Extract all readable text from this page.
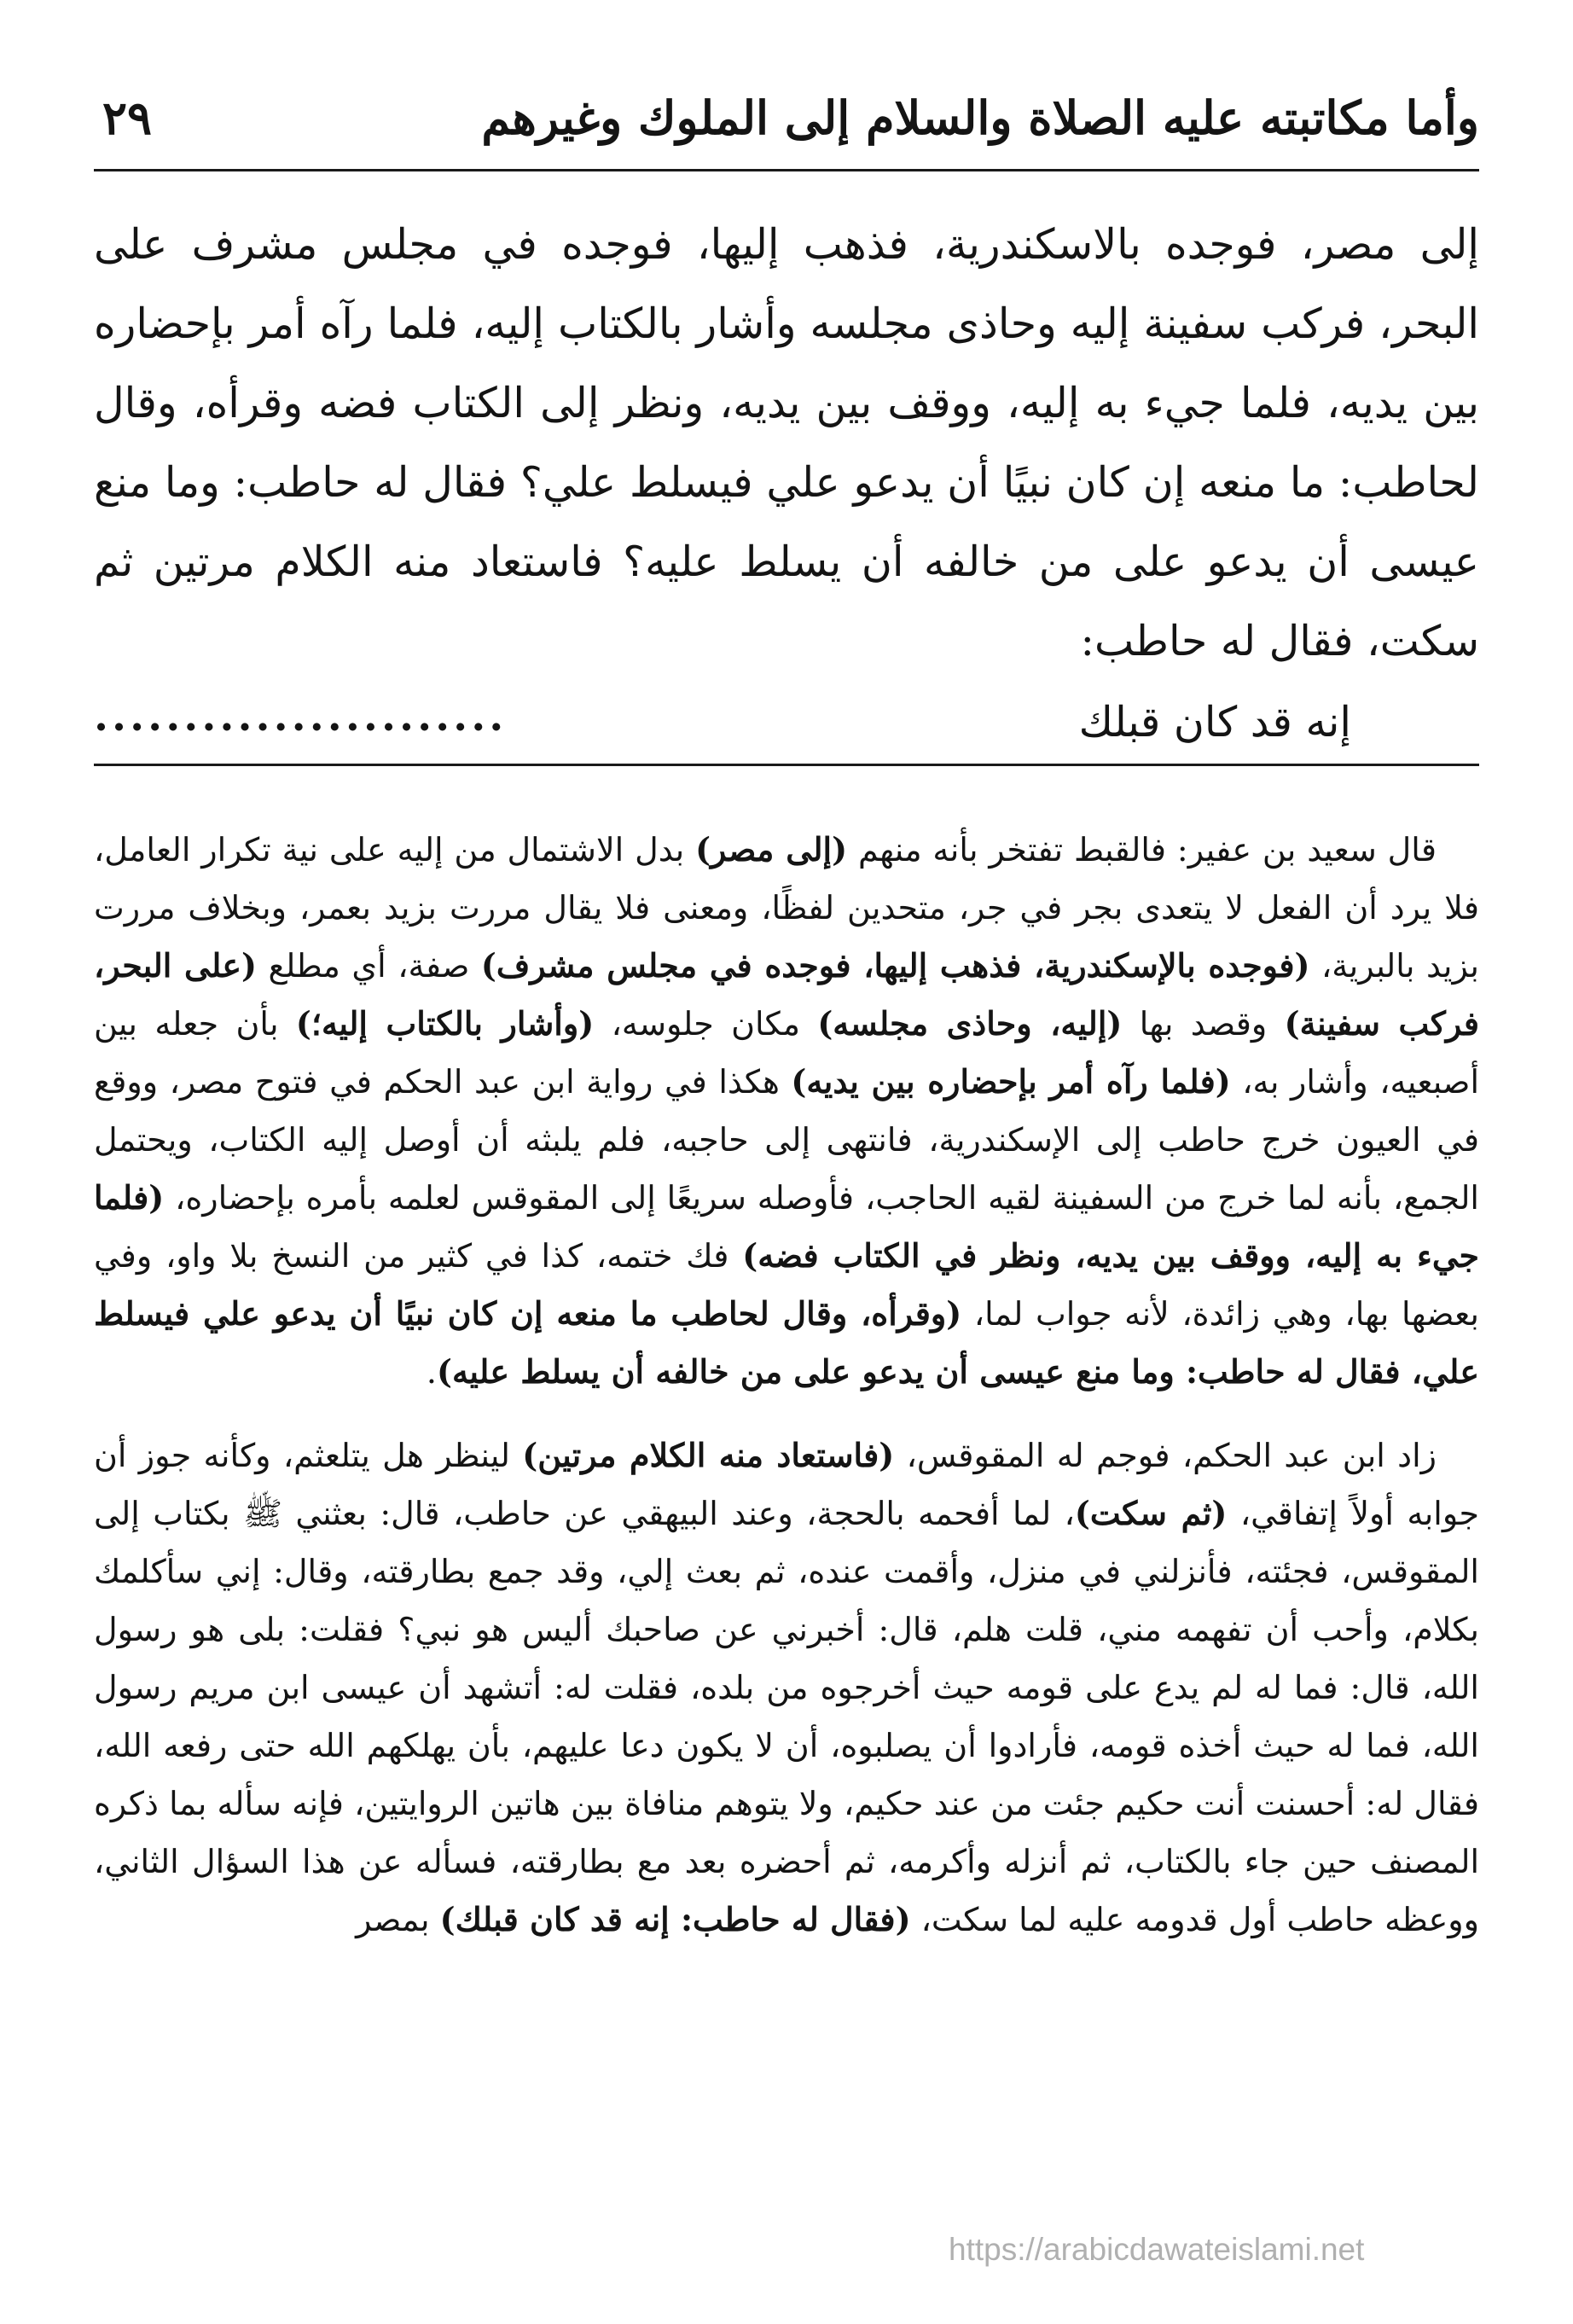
وأما مكاتبته عليه الصلاة والسلام إلى الملوك وغيرهم
٢٩
إلى مصر، فوجده بالاسكندرية، فذهب إليها، فوجده في مجلس مشرف على البحر، فركب سفينة إليه وحاذى مجلسه وأشار بالكتاب إليه، فلما رآه أمر بإحضاره بين يديه، فلما جيء به إليه، ووقف بين يديه، ونظر إلى الكتاب فضه وقرأه، وقال لحاطب: ما منعه إن كان نبيًا أن يدعو علي فيسلط علي؟ فقال له حاطب: وما منع عيسى أن يدعو على من خالفه أن يسلط عليه؟ فاستعاد منه الكلام مرتين ثم سكت، فقال له حاطب:
إنه قد كان قبلك
.......................

قال سعيد بن عفير: فالقبط تفتخر بأنه منهم (إلى مصر) بدل الاشتمال من إليه على نية تكرار العامل، فلا يرد أن الفعل لا يتعدى بجر في جر، متحدين لفظًا، ومعنى فلا يقال مررت بزيد بعمر، وبخلاف مررت بزيد بالبرية، (فوجده بالإسكندرية، فذهب إليها، فوجده في مجلس مشرف) صفة، أي مطلع (على البحر، فركب سفينة) وقصد بها (إليه، وحاذى مجلسه) مكان جلوسه، (وأشار بالكتاب إليه؛) بأن جعله بين أصبعيه، وأشار به، (فلما رآه أمر بإحضاره بين يديه) هكذا في رواية ابن عبد الحكم في فتوح مصر، ووقع في العيون خرج حاطب إلى الإسكندرية، فانتهى إلى حاجبه، فلم يلبثه أن أوصل إليه الكتاب، ويحتمل الجمع، بأنه لما خرج من السفينة لقيه الحاجب، فأوصله سريعًا إلى المقوقس لعلمه بأمره بإحضاره، (فلما جيء به إليه، ووقف بين يديه، ونظر في الكتاب فضه) فك ختمه، كذا في كثير من النسخ بلا واو، وفي بعضها بها، وهي زائدة، لأنه جواب لما، (وقرأه، وقال لحاطب ما منعه إن كان نبيًا أن يدعو علي فيسلط علي، فقال له حاطب: وما منع عيسى أن يدعو على من خالفه أن يسلط عليه).

زاد ابن عبد الحكم، فوجم له المقوقس، (فاستعاد منه الكلام مرتين) لينظر هل يتلعثم، وكأنه جوز أن جوابه أولاً إتفاقي، (ثم سكت)، لما أفحمه بالحجة، وعند البيهقي عن حاطب، قال: بعثني ﷺ بكتاب إلى المقوقس، فجئته، فأنزلني في منزل، وأقمت عنده، ثم بعث إلي، وقد جمع بطارقته، وقال: إني سأكلمك بكلام، وأحب أن تفهمه مني، قلت هلم، قال: أخبرني عن صاحبك أليس هو نبي؟ فقلت: بلى هو رسول الله، قال: فما له لم يدع على قومه حيث أخرجوه من بلده، فقلت له: أتشهد أن عيسى ابن مريم رسول الله، فما له حيث أخذه قومه، فأرادوا أن يصلبوه، أن لا يكون دعا عليهم، بأن يهلكهم الله حتى رفعه الله، فقال له: أحسنت أنت حكيم جئت من عند حكيم، ولا يتوهم منافاة بين هاتين الروايتين، فإنه سأله بما ذكره المصنف حين جاء بالكتاب، ثم أنزله وأكرمه، ثم أحضره بعد مع بطارقته، فسأله عن هذا السؤال الثاني، ووعظه حاطب أول قدومه عليه لما سكت، (فقال له حاطب: إنه قد كان قبلك) بمصر

https://arabicdawateislami.net
